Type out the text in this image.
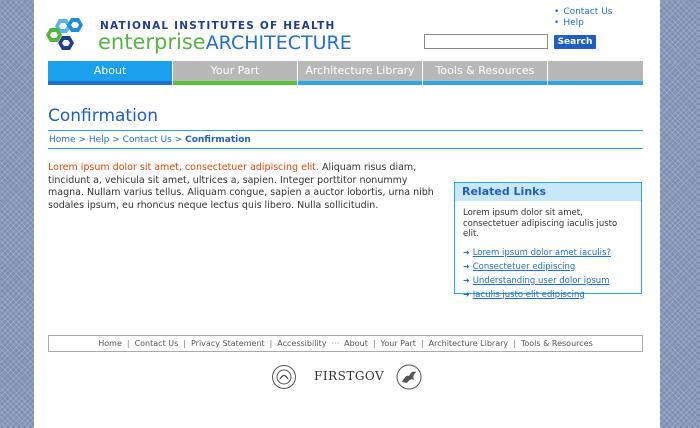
NATIONAL INSTITUTES OF HEALTH
enterpriseARCHITECTURE
• Contact Us
• Help
Search
About	Your Part	Architecture Library	Tools & Resources
Confirmation
Home > Help > Contact Us > Confirmation
Lorem ipsum dolor sit amet, consectetuer adipiscing elit. Aliquam risus diam, tincidunt a, vehicula sit amet, ultrices a, sapien. Integer porttitor nonummy magna. Nullam varius tellus. Aliquam congue, sapien a auctor lobortis, urna nibh sodales ipsum, eu rhoncus neque lectus quis libero. Nulla sollicitudin.
Related Links
Lorem ipsum dolor sit amet, consectetuer adipiscing iaculis justo elit.
➜ Lorem ipsum dolor amet iaculis?
➜ Consectetuer edipiscing
➜ Understanding user dolor ipsum
➜ Iaculis justo elit edipiscing
Home | Contact Us | Privacy Statement | Accessibility ··· About | Your Part | Architecture Library | Tools & Resources
FIRSTGOV
